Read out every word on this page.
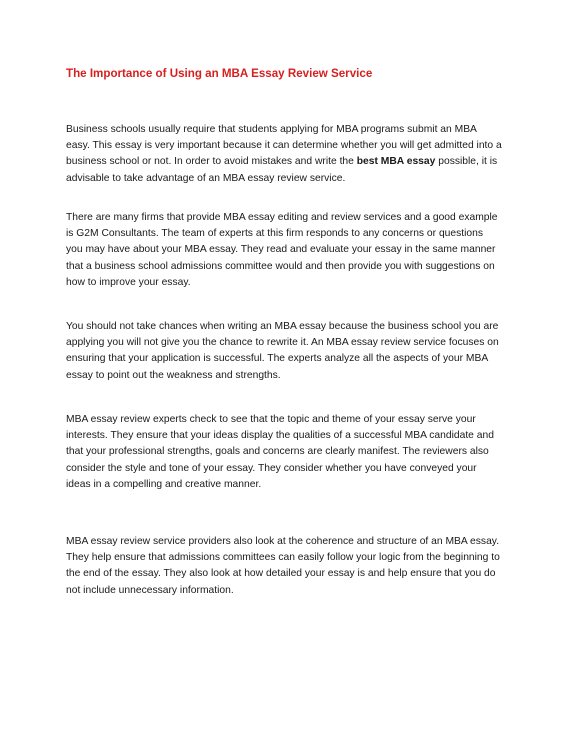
The Importance of Using an MBA Essay Review Service

Business schools usually require that students applying for MBA programs submit an MBA easy. This essay is very important because it can determine whether you will get admitted into a business school or not. In order to avoid mistakes and write the best MBA essay possible, it is advisable to take advantage of an MBA essay review service.

There are many firms that provide MBA essay editing and review services and a good example is G2M Consultants. The team of experts at this firm responds to any concerns or questions you may have about your MBA essay. They read and evaluate your essay in the same manner that a business school admissions committee would and then provide you with suggestions on how to improve your essay.

You should not take chances when writing an MBA essay because the business school you are applying you will not give you the chance to rewrite it. An MBA essay review service focuses on ensuring that your application is successful. The experts analyze all the aspects of your MBA essay to point out the weakness and strengths.

MBA essay review experts check to see that the topic and theme of your essay serve your interests. They ensure that your ideas display the qualities of a successful MBA candidate and that your professional strengths, goals and concerns are clearly manifest. The reviewers also consider the style and tone of your essay. They consider whether you have conveyed your ideas in a compelling and creative manner.

MBA essay review service providers also look at the coherence and structure of an MBA essay. They help ensure that admissions committees can easily follow your logic from the beginning to the end of the essay. They also look at how detailed your essay is and help ensure that you do not include unnecessary information.
